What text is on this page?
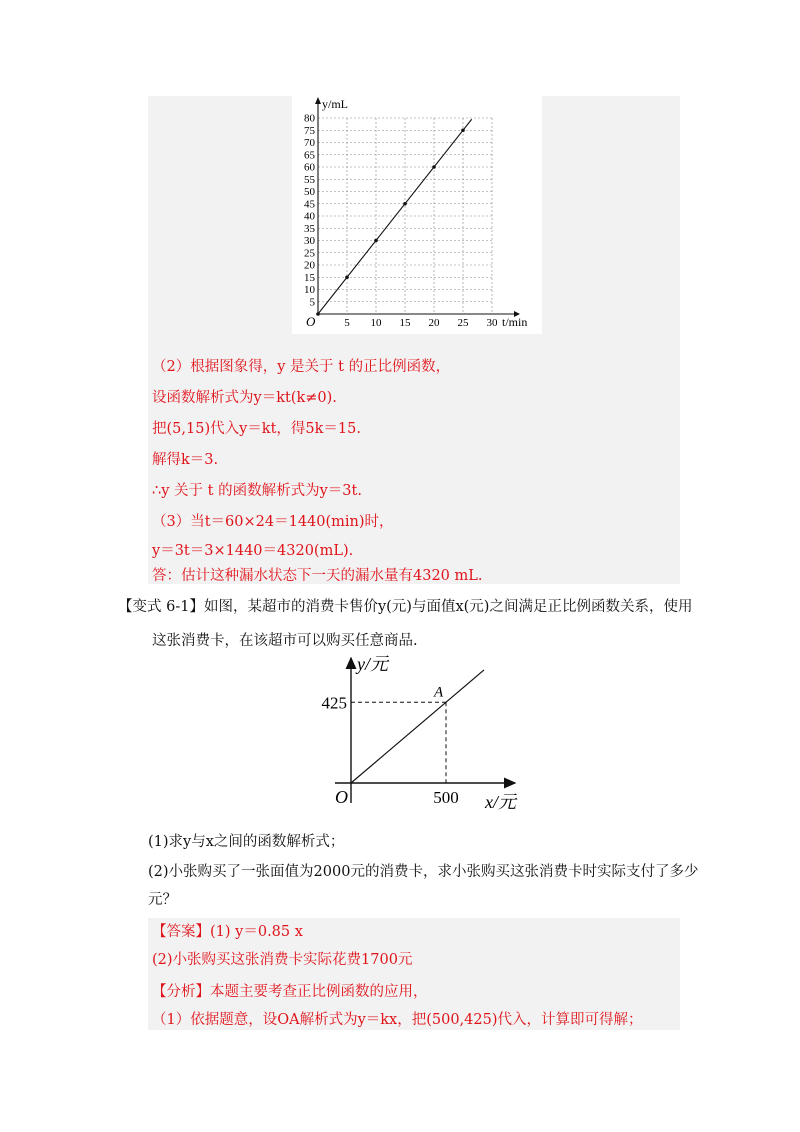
5
10
15
20
25
30
35
40
45
50
55
60
65
70
75
80
5 10 15 20 25 30
y/mL
t/min
O
（2）根据图象得，y 是关于 t 的正比例函数，
设函数解析式为y＝kt(k≠0).
把(5,15)代入y＝kt，得5k＝15.
解得k＝3.
∴y 关于 t 的函数解析式为y＝3t.
（3）当t＝60×24＝1440(min)时，
y＝3t＝3×1440＝4320(mL).
答：估计这种漏水状态下一天的漏水量有4320 mL.
【变式 6-1】如图，某超市的消费卡售价y(元)与面值x(元)之间满足正比例函数关系，使用
这张消费卡，在该超市可以购买任意商品.
y/元
x/元
O
A
425
500
(1)求y与x之间的函数解析式；
(2)小张购买了一张面值为2000元的消费卡，求小张购买这张消费卡时实际支付了多少
元？
【答案】(1) y＝0.85 x
(2)小张购买这张消费卡实际花费1700元
【分析】本题主要考查正比例函数的应用，
（1）依据题意，设OA解析式为y＝kx，把(500,425)代入，计算即可得解；
